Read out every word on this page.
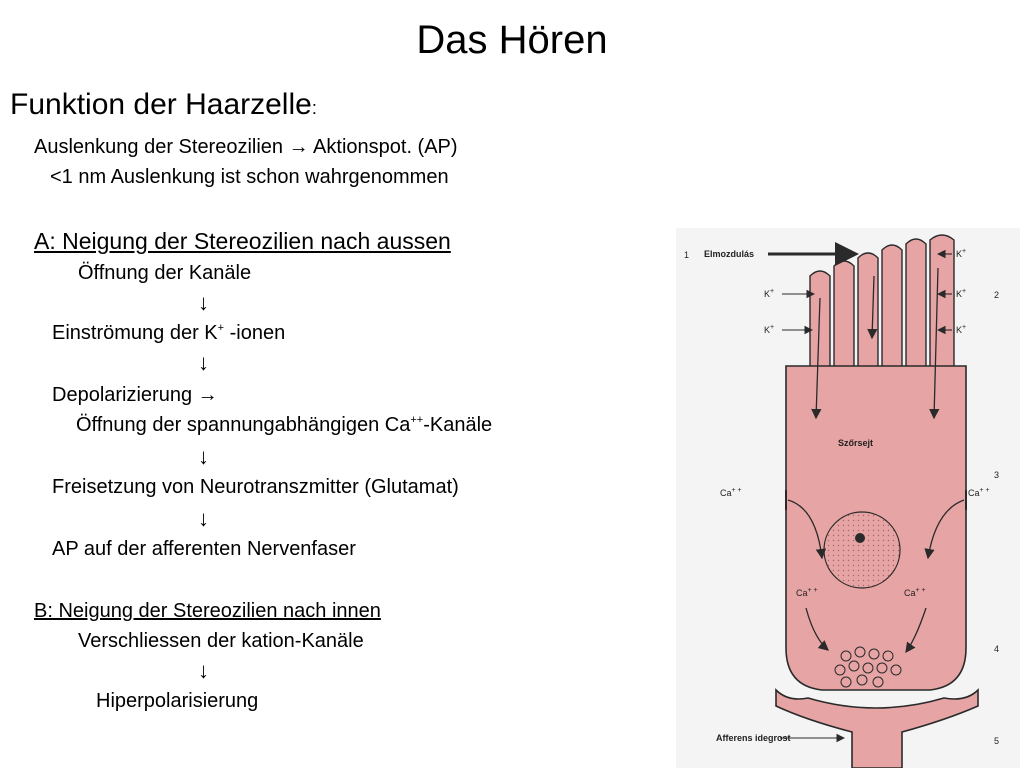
Das Hören
Funktion der Haarzelle:
Auslenkung der Stereozilien → Aktionspot. (AP)
<1 nm Auslenkung ist schon wahrgenommen
A: Neigung der Stereozilien nach aussen
Öffnung der Kanäle
↓
Einströmung der K+ -ionen
↓
Depolarizierung →
Öffnung der spannungabhängigen Ca++-Kanäle
↓
Freisetzung von Neurotranszmitter (Glutamat)
↓
AP auf der afferenten Nervenfaser
B: Neigung der Stereozilien nach innen
Verschliessen der kation-Kanäle
↓
Hiperpolarisierung
Elmozdulás
K+
K+
K+
K+
K+
Ca+ +	Ca+ +
Ca+ +	Ca+ +
Szőrsejt
Afferens idegrost
1
2
3
4
5
